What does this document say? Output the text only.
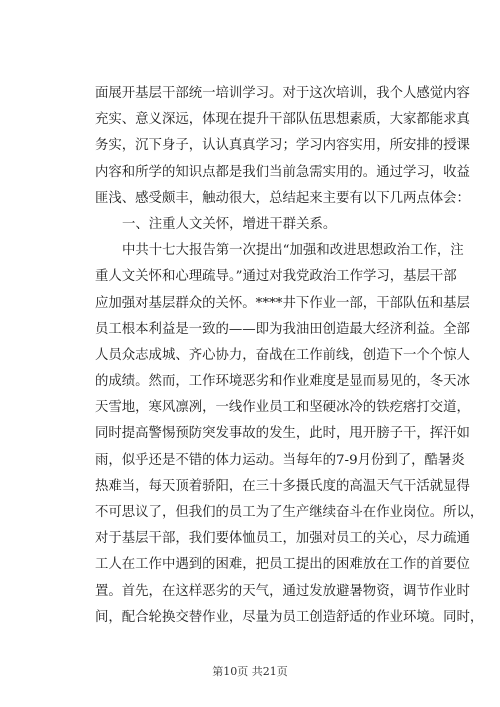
面展开基层干部统一培训学习。对于这次培训，我个人感觉内容
充实、意义深远，体现在提升干部队伍思想素质，大家都能求真
务实，沉下身子，认认真真学习；学习内容实用，所安排的授课
内容和所学的知识点都是我们当前急需实用的。通过学习，收益
匪浅、感受颇丰，触动很大，总结起来主要有以下几两点体会：
一、注重人文关怀，增进干群关系。
中共十七大报告第一次提出“加强和改进思想政治工作，注
重人文关怀和心理疏导。”通过对我党政治工作学习，基层干部
应加强对基层群众的关怀。****井下作业一部，干部队伍和基层
员工根本利益是一致的——即为我油田创造最大经济利益。全部
人员众志成城、齐心协力，奋战在工作前线，创造下一个个惊人
的成绩。然而，工作环境恶劣和作业难度是显而易见的，冬天冰
天雪地，寒风凛冽，一线作业员工和坚硬冰冷的铁疙瘩打交道，
同时提高警惕预防突发事故的发生，此时，甩开膀子干，挥汗如
雨，似乎还是不错的体力运动。当每年的7-9月份到了，酷暑炎
热难当，每天顶着骄阳，在三十多摄氏度的高温天气干活就显得
不可思议了，但我们的员工为了生产继续奋斗在作业岗位。所以，
对于基层干部，我们要体恤员工，加强对员工的关心，尽力疏通
工人在工作中遇到的困难，把员工提出的困难放在工作的首要位
置。首先，在这样恶劣的天气，通过发放避暑物资，调节作业时
间，配合轮换交替作业，尽量为员工创造舒适的作业环境。同时，
第10页 共21页
